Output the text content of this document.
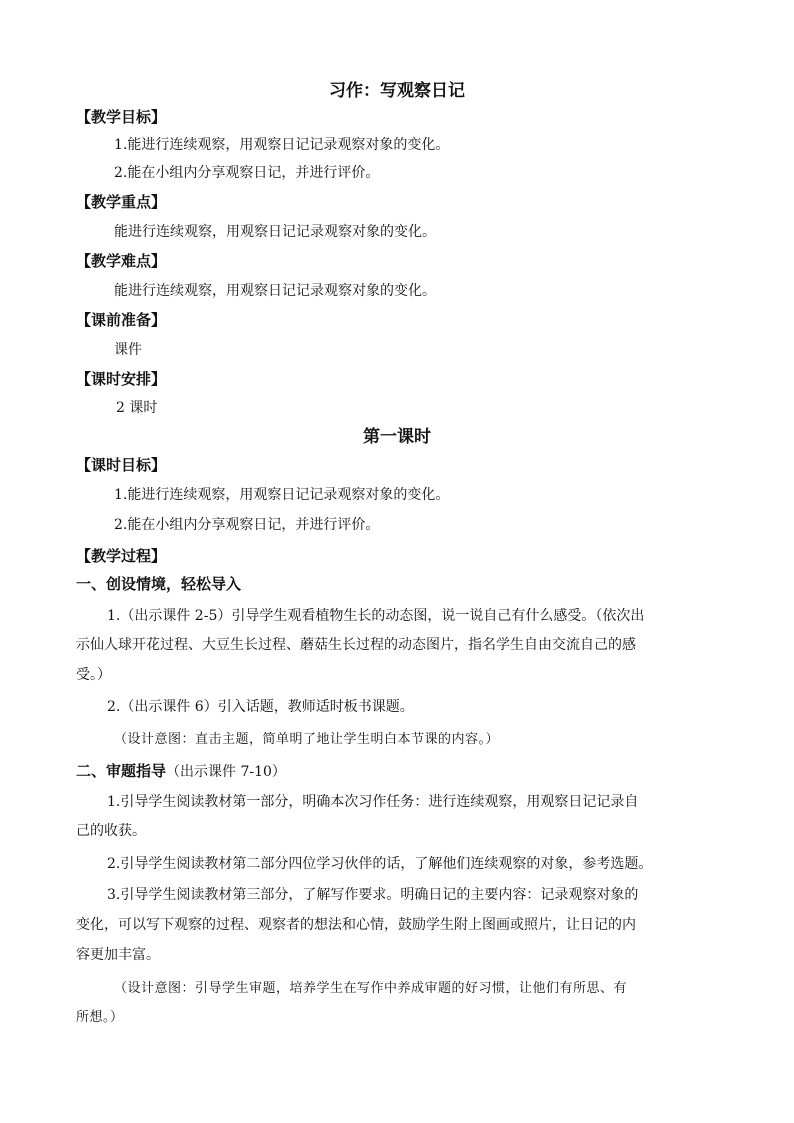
习作：写观察日记
【教学目标】
1.能进行连续观察，用观察日记记录观察对象的变化。
2.能在小组内分享观察日记，并进行评价。
【教学重点】
能进行连续观察，用观察日记记录观察对象的变化。
【教学难点】
能进行连续观察，用观察日记记录观察对象的变化。
【课前准备】
课件
【课时安排】
2 课时
第一课时
【课时目标】
1.能进行连续观察，用观察日记记录观察对象的变化。
2.能在小组内分享观察日记，并进行评价。
【教学过程】
一、创设情境，轻松导入
1.（出示课件 2-5）引导学生观看植物生长的动态图，说一说自己有什么感受。（依次出
示仙人球开花过程、大豆生长过程、蘑菇生长过程的动态图片，指名学生自由交流自己的感
受。）
2.（出示课件 6）引入话题，教师适时板书课题。
（设计意图：直击主题，简单明了地让学生明白本节课的内容。）
二、审题指导（出示课件 7-10）
1.引导学生阅读教材第一部分，明确本次习作任务：进行连续观察，用观察日记记录自
己的收获。
2.引导学生阅读教材第二部分四位学习伙伴的话，了解他们连续观察的对象，参考选题。
3.引导学生阅读教材第三部分，了解写作要求。明确日记的主要内容：记录观察对象的
变化，可以写下观察的过程、观察者的想法和心情，鼓励学生附上图画或照片，让日记的内
容更加丰富。
（设计意图：引导学生审题，培养学生在写作中养成审题的好习惯，让他们有所思、有
所想。）
